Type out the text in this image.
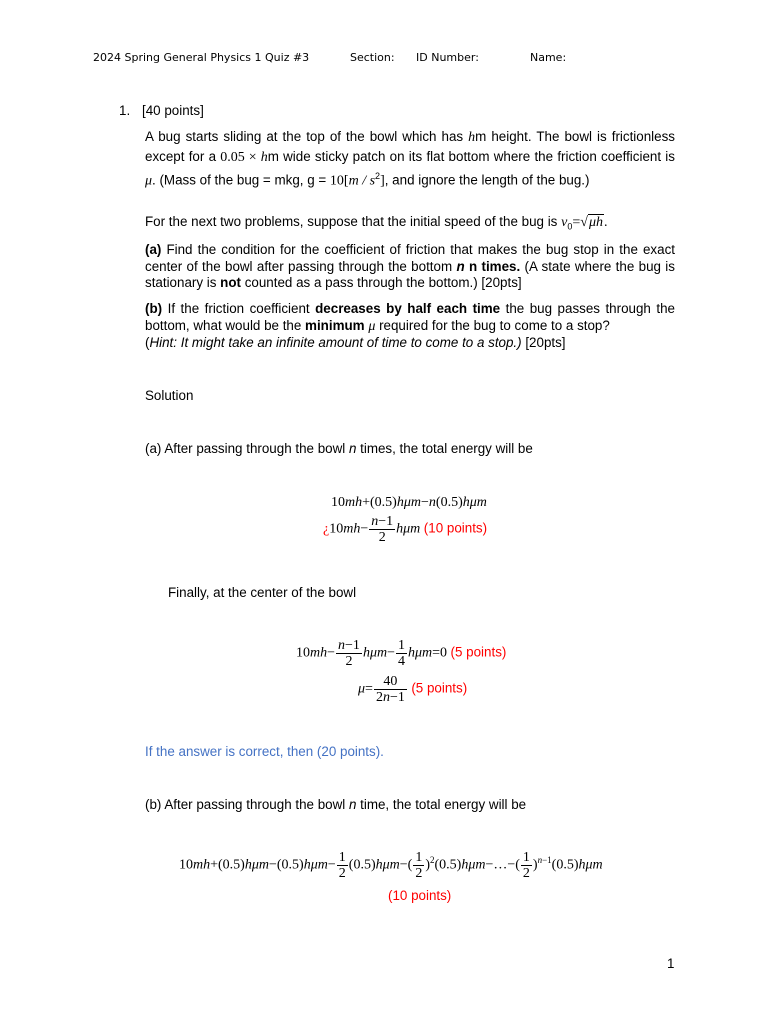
2024 Spring General Physics 1 Quiz #3	Section: ID Number:	Name:
1. [40 points]
A bug starts sliding at the top of the bowl which has hm height. The bowl is frictionless except for a 0.05 × hm wide sticky patch on its flat bottom where the friction coefficient is μ. (Mass of the bug = mkg, $g = 10[m / s^2]$, and ignore the length of the bug.)
For the next two problems, suppose that the initial speed of the bug is $v_0=√\mu h$.
(a) Find the condition for the coefficient of friction that makes the bug stop in the exact center of the bowl after passing through the bottom n n times. (A state where the bug is stationary is not counted as a pass through the bottom.) [20pts]
(b) If the friction coefficient decreases by half each time the bug passes through the bottom, what would be the minimum μ required for the bug to come to a stop?
(Hint: It might take an infinite amount of time to come to a stop.) [20pts]
Solution
(a) After passing through the bowl n times, the total energy will be
10mh+(0.5)hμm−n(0.5)hμm
¿$10mh- \frac{n-1}{2}$ hμm (10 points)
Finally, at the center of the bowl
$10mh- \frac{n-1}{2} h\mu m- \frac{1}{4} h\mu m=0$ (5 points)
$\mu= \frac{40}{2n-1} (5$ points)
If the answer is correct, then (20 points).
(b) After passing through the bowl n time, the total energy will be
$10mh+(0.5)h\mu m-(0.5)h\mu m- \frac{1}{2} (0.5)h\mu m-( \frac{1}{2}$ )$^2(0.5)h\mu m-\dots-( \frac{1}{2} )^{n-1}(0.5)h\mu m$
(10 points)
1
